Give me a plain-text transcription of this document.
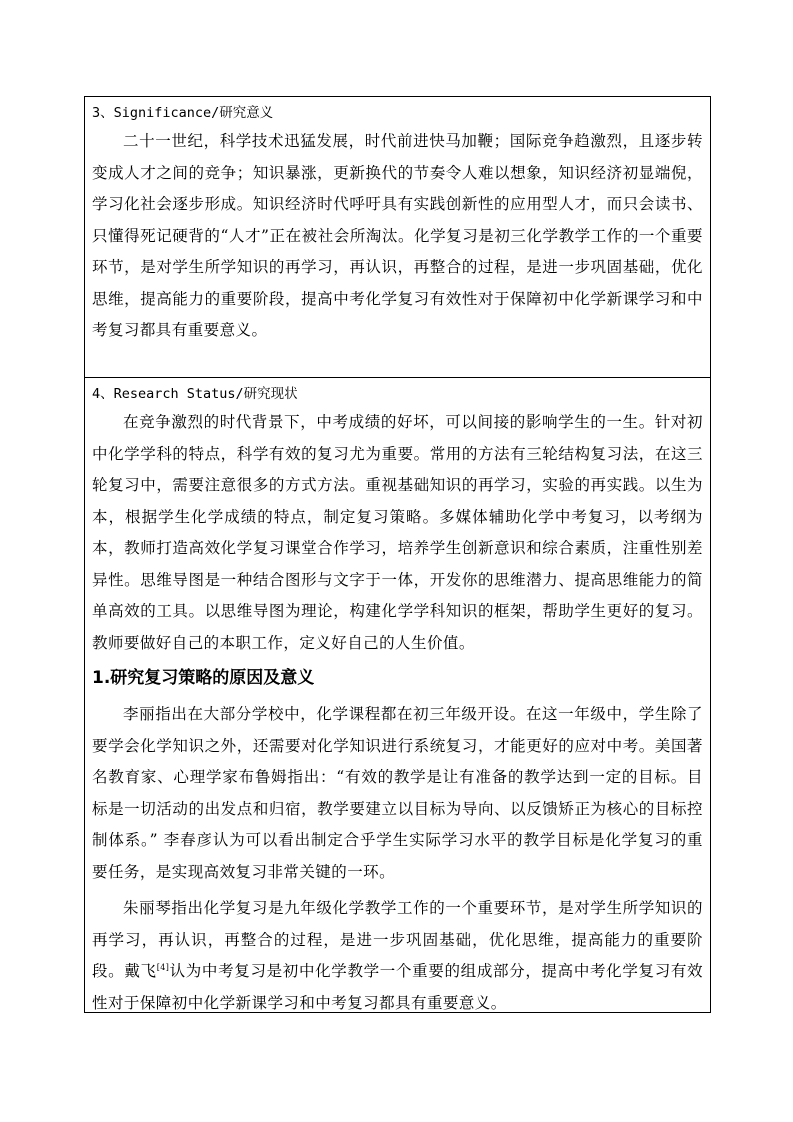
3、Significance/研究意义

二十一世纪，科学技术迅猛发展，时代前进快马加鞭；国际竞争趋激烈，且逐步转变成人才之间的竞争；知识暴涨，更新换代的节奏令人难以想象，知识经济初显端倪，学习化社会逐步形成。知识经济时代呼吁具有实践创新性的应用型人才，而只会读书、只懂得死记硬背的“人才”正在被社会所淘汰。化学复习是初三化学教学工作的一个重要环节，是对学生所学知识的再学习，再认识，再整合的过程，是进一步巩固基础，优化思维，提高能力的重要阶段，提高中考化学复习有效性对于保障初中化学新课学习和中考复习都具有重要意义。

4、Research Status/研究现状

在竞争激烈的时代背景下，中考成绩的好坏，可以间接的影响学生的一生。针对初中化学学科的特点，科学有效的复习尤为重要。常用的方法有三轮结构复习法，在这三轮复习中，需要注意很多的方式方法。重视基础知识的再学习，实验的再实践。以生为本，根据学生化学成绩的特点，制定复习策略。多媒体辅助化学中考复习，以考纲为本，教师打造高效化学复习课堂合作学习，培养学生创新意识和综合素质，注重性别差异性。思维导图是一种结合图形与文字于一体，开发你的思维潜力、提高思维能力的简单高效的工具。以思维导图为理论，构建化学学科知识的框架，帮助学生更好的复习。教师要做好自己的本职工作，定义好自己的人生价值。

1.研究复习策略的原因及意义

李丽指出在大部分学校中，化学课程都在初三年级开设。在这一年级中，学生除了要学会化学知识之外，还需要对化学知识进行系统复习，才能更好的应对中考。美国著名教育家、心理学家布鲁姆指出：“有效的教学是让有准备的教学达到一定的目标。目标是一切活动的出发点和归宿，教学要建立以目标为导向、以反馈矫正为核心的目标控制体系。” 李春彦认为可以看出制定合乎学生实际学习水平的教学目标是化学复习的重要任务，是实现高效复习非常关键的一环。

朱丽琴指出化学复习是九年级化学教学工作的一个重要环节，是对学生所学知识的再学习，再认识，再整合的过程，是进一步巩固基础，优化思维，提高能力的重要阶段。戴飞[4]认为中考复习是初中化学教学一个重要的组成部分，提高中考化学复习有效性对于保障初中化学新课学习和中考复习都具有重要意义。
